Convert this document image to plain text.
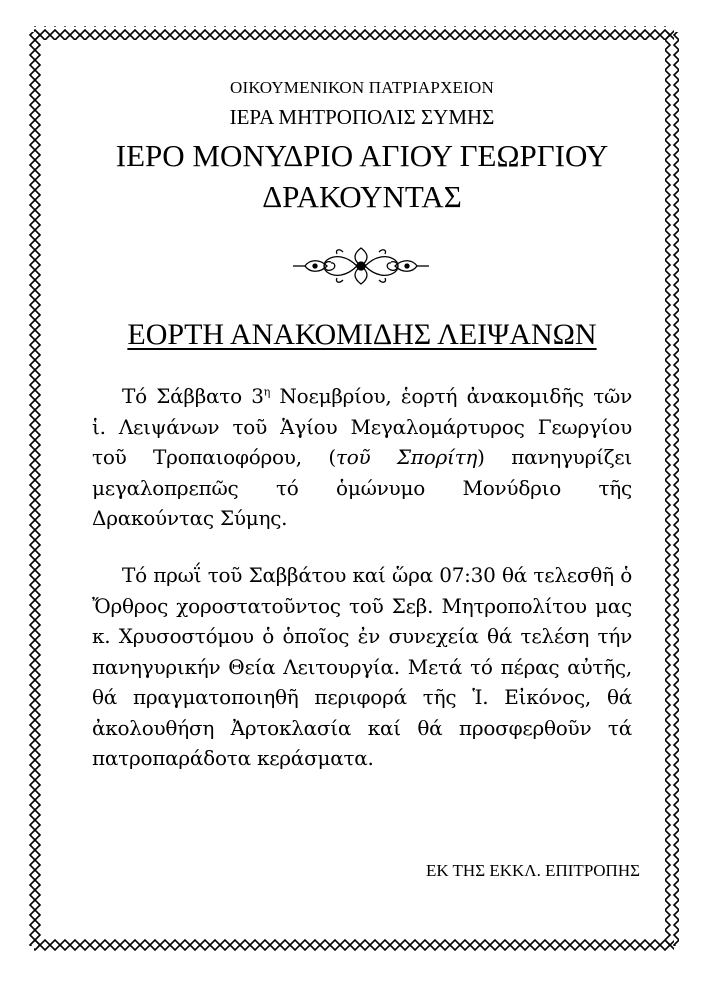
ΟΙΚΟΥΜΕΝΙΚΟΝ ΠΑΤΡΙΑΡΧΕΙΟΝ
ΙΕΡΑ ΜΗΤΡΟΠΟΛΙΣ ΣΥΜΗΣ
ΙΕΡΟ ΜΟΝΥΔΡΙΟ ΑΓΙΟΥ ΓΕΩΡΓΙΟΥ
ΔΡΑΚΟΥΝΤΑΣ
ΕΟΡΤΗ ΑΝΑΚΟΜΙΔΗΣ ΛΕΙΨΑΝΩΝ
Τό Σάββατο $3^\eta$ Νοεμβρίου, ἑορτή ἀνακομιδῆς τῶν ἱ. Λειψάνων τοῦ Ἁγίου Μεγαλομάρτυρος Γεωργίου τοῦ Τροπαιοφόρου, (τοῦ Σπορίτη) πανηγυρίζει μεγαλοπρεπῶς τό ὁμώνυμο Μονύδριο τῆς Δρακούντας Σύμης.
Τό πρωΐ τοῦ Σαββάτου καί ὥρα 07:30 θά τελεσθῆ ὁ Ὄρθρος χοροστατοῦντος τοῦ Σεβ. Μητροπολίτου μας κ. Χρυσοστόμου ὁ ὁποῖος ἐν συνεχεία θά τελέση τήν πανηγυρικήν Θεία Λειτουργία. Μετά τό πέρας αὐτῆς, θά πραγματοποιηθῆ περιφορά τῆς Ἱ. Εἰκόνος, θά ἀκολουθήση Ἀρτοκλασία καί θά προσφερθοῦν τά πατροπαράδοτα κεράσματα.
ΕΚ ΤΗΣ ΕΚΚΛ. ΕΠΙΤΡΟΠΗΣ
